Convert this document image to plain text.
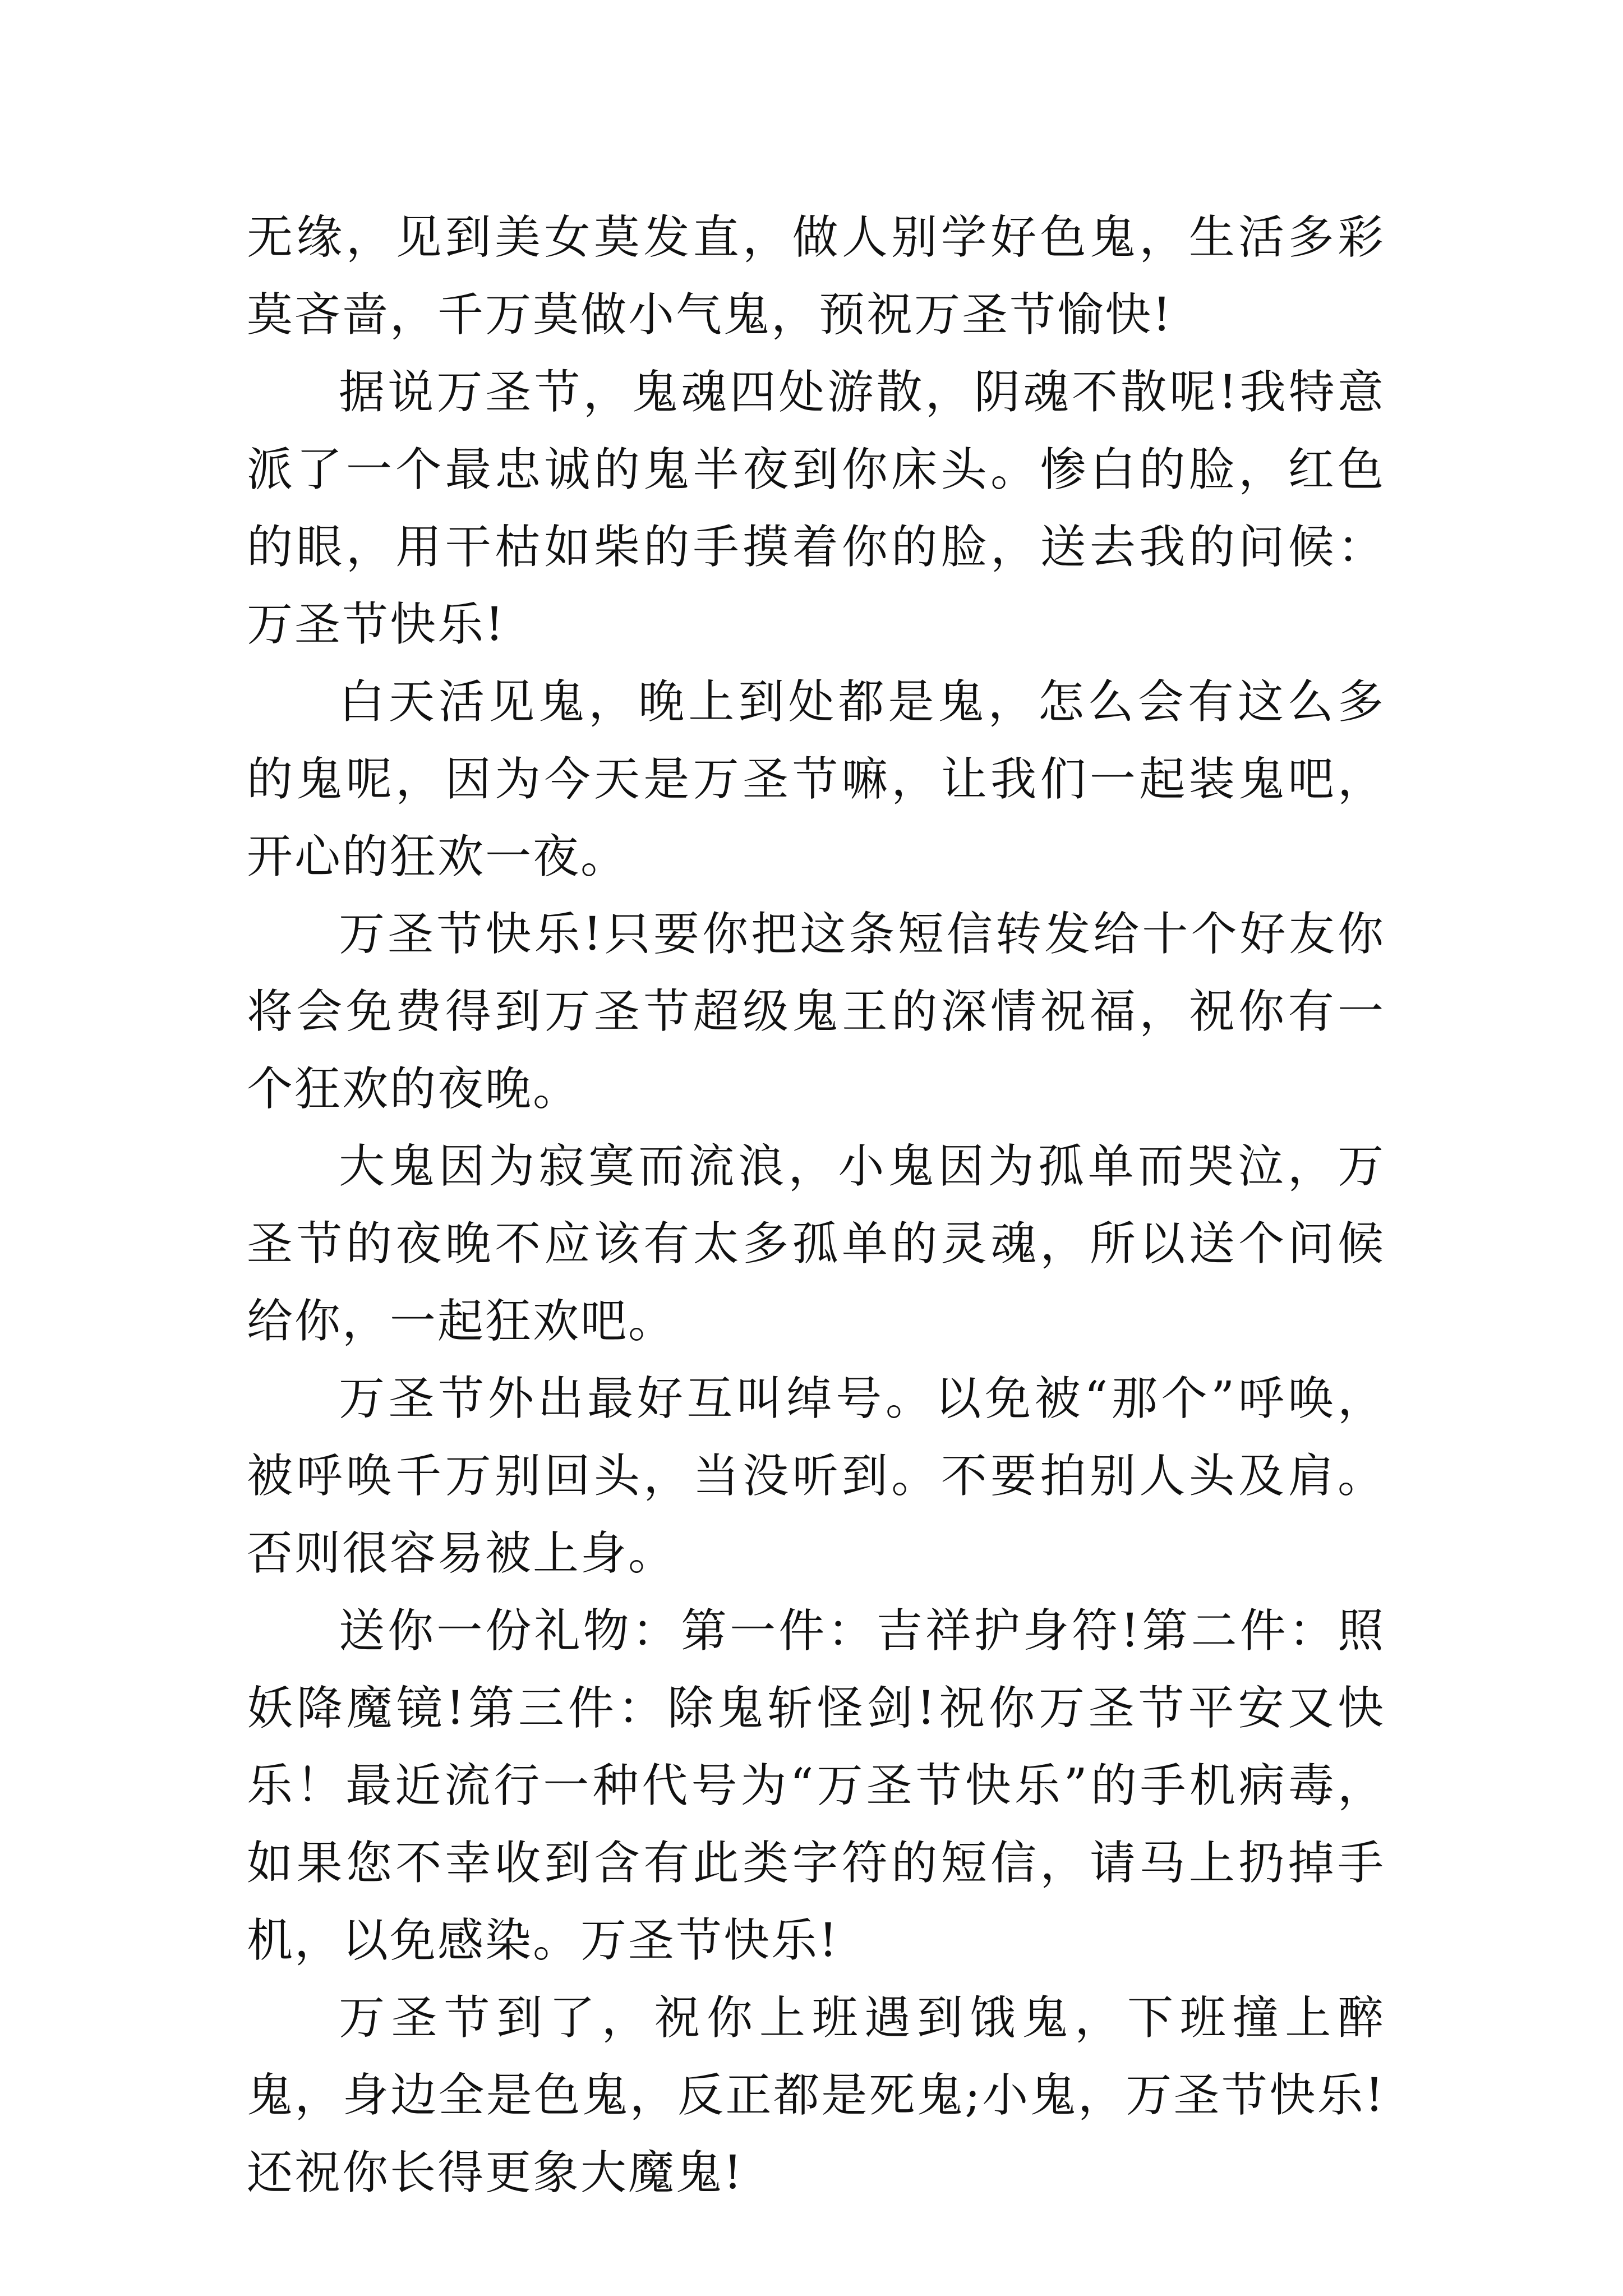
无缘，见到美女莫发直，做人别学好色鬼，生活多彩莫吝啬，千万莫做小气鬼，预祝万圣节愉快!

据说万圣节，鬼魂四处游散，阴魂不散呢!我特意派了一个最忠诚的鬼半夜到你床头。惨白的脸，红色的眼，用干枯如柴的手摸着你的脸，送去我的问候：万圣节快乐!

白天活见鬼，晚上到处都是鬼，怎么会有这么多的鬼呢，因为今天是万圣节嘛，让我们一起装鬼吧，开心的狂欢一夜。

万圣节快乐!只要你把这条短信转发给十个好友你将会免费得到万圣节超级鬼王的深情祝福，祝你有一个狂欢的夜晚。

大鬼因为寂寞而流浪，小鬼因为孤单而哭泣，万圣节的夜晚不应该有太多孤单的灵魂，所以送个问候给你，一起狂欢吧。

万圣节外出最好互叫绰号。以免被“那个”呼唤，被呼唤千万别回头，当没听到。不要拍别人头及肩。否则很容易被上身。

送你一份礼物：第一件：吉祥护身符!第二件：照妖降魔镜!第三件：除鬼斩怪剑!祝你万圣节平安又快乐！最近流行一种代号为“万圣节快乐”的手机病毒，如果您不幸收到含有此类字符的短信，请马上扔掉手机，以免感染。万圣节快乐!

万圣节到了，祝你上班遇到饿鬼，下班撞上醉鬼，身边全是色鬼，反正都是死鬼;小鬼，万圣节快乐!还祝你长得更象大魔鬼!
